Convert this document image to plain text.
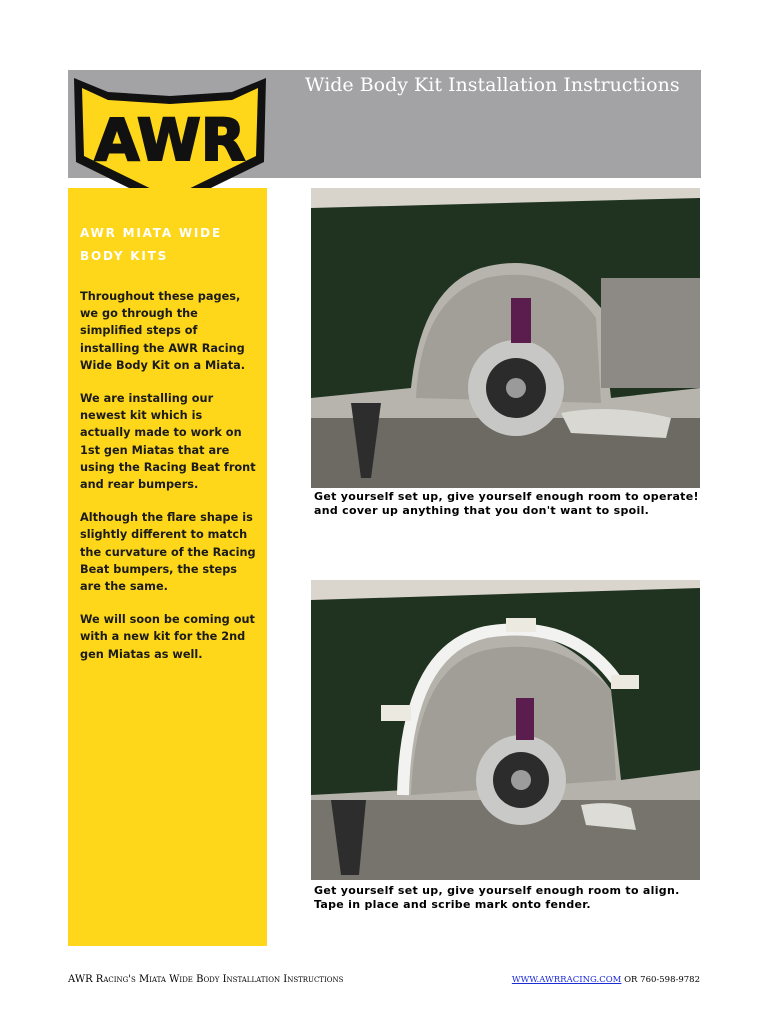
Wide Body Kit Installation Instructions
AWR
AWR MIATA WIDE BODY KITS

Throughout these pages, we go through the simplified steps of installing the AWR Racing Wide Body Kit on a Miata.

We are installing our newest kit which is actually made to work on 1st gen Miatas that are using the Racing Beat front and rear bumpers.

Although the flare shape is slightly different to match the curvature of the Racing Beat bumpers, the steps are the same.

We will soon be coming out with a new kit for the 2nd gen Miatas as well.

Get yourself set up, give yourself enough room to operate! and cover up anything that you don't want to spoil.
Get yourself set up, give yourself enough room to align. Tape in place and scribe mark onto fender.
AWR Racing's Miata Wide Body Installation Instructions	WWW.AWRRACING.COM OR 760-598-9782
